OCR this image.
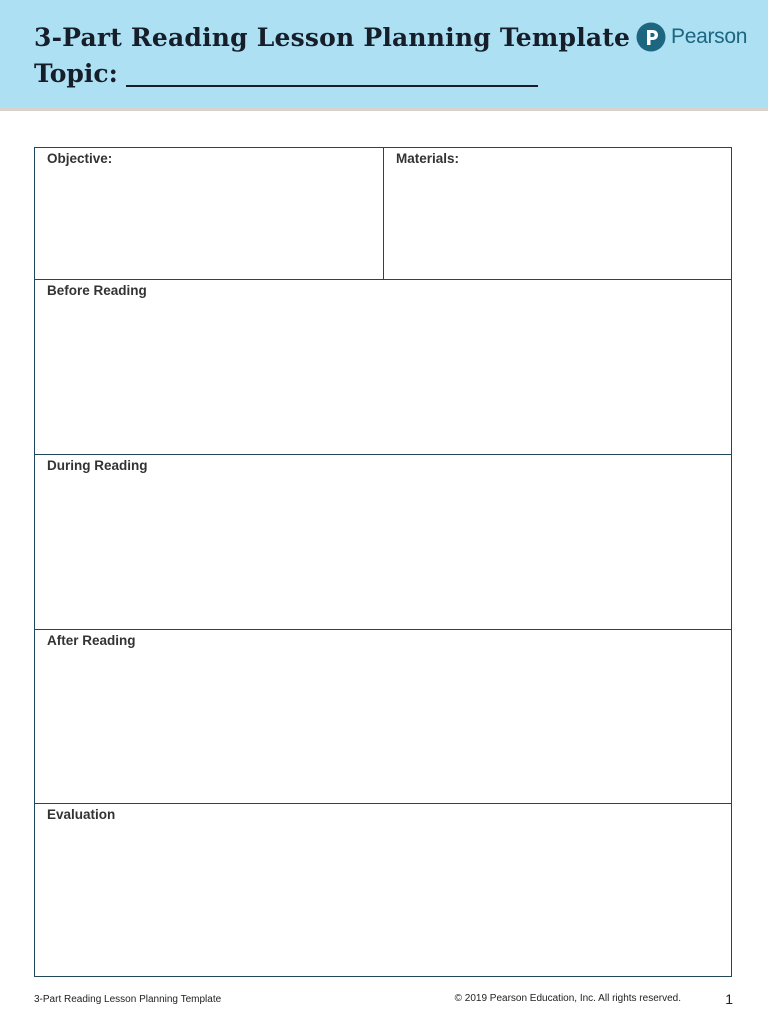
3-Part Reading Lesson Planning Template
Topic:
Pearson
Objective:	Materials:
Before Reading
During Reading
After Reading
Evaluation
3-Part Reading Lesson Planning Template	© 2019 Pearson Education, Inc. All rights reserved.	1
